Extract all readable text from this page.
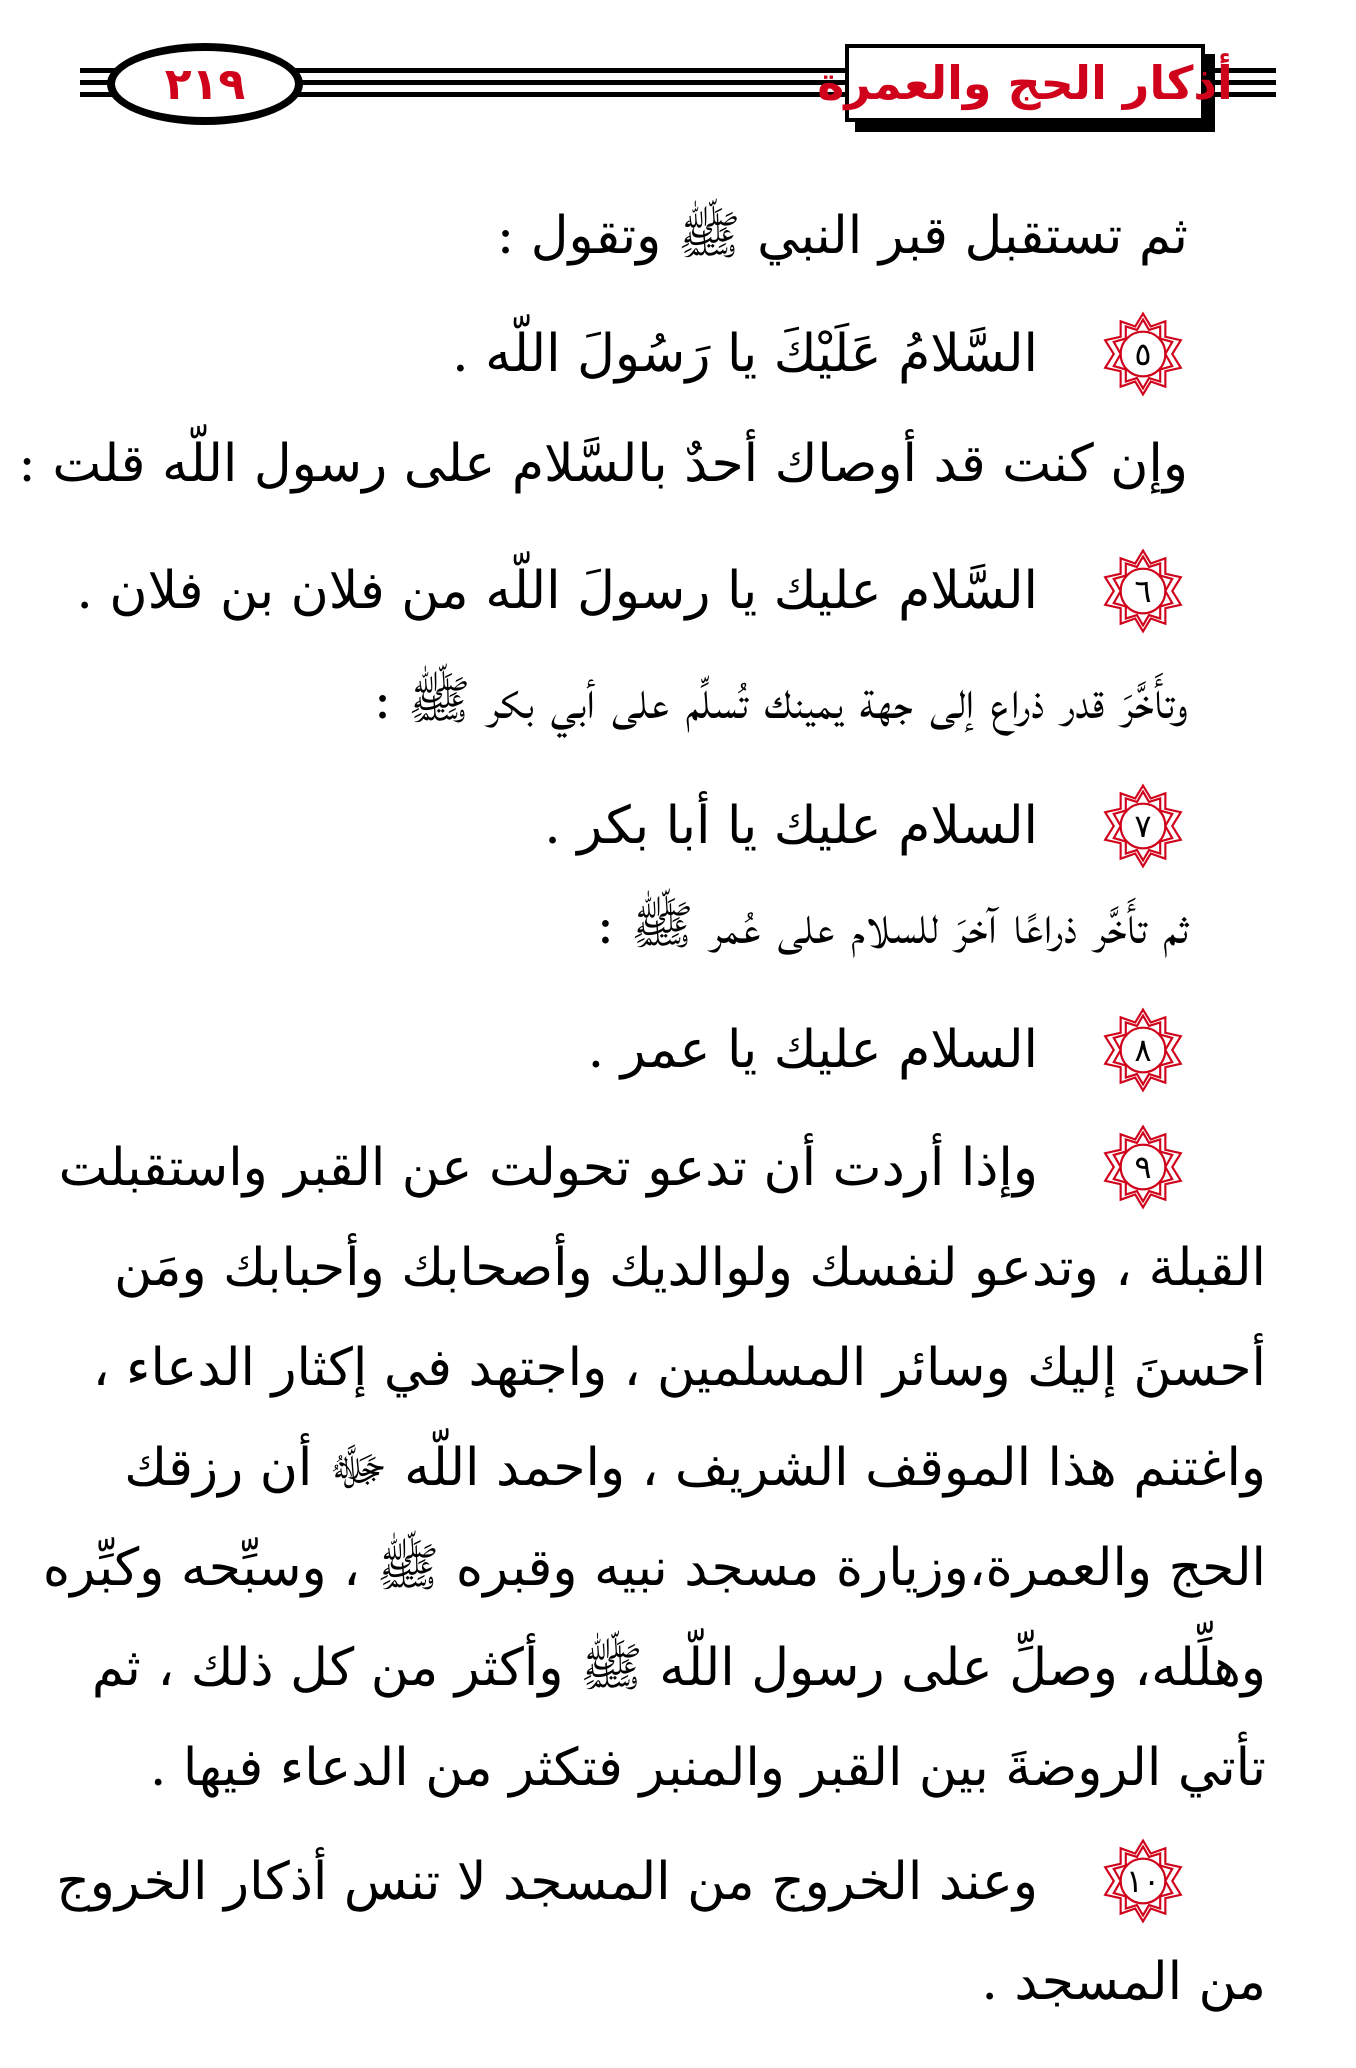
٢١٩	أذكار الحج والعمرة
ثم تستقبل قبر النبي ﷺ وتقول :
٥
السَّلامُ عَلَيْكَ يا رَسُولَ اللّه .
وإن كنت قد أوصاك أحدٌ بالسَّلام على رسول اللّه قلت :
٦
السَّلام عليك يا رسولَ اللّه من فلان بن فلان .
وتأَخَّرَ قدر ذراع إلى جهة يمينك تُسلِّم على أبي بكر ﷺ :
٧
السلام عليك يا أبا بكر .
ثم تأَخَّر ذراعًا آخرَ للسلام على عُمر ﷺ :
٨
السلام عليك يا عمر .
٩
وإذا أردت أن تدعو تحولت عن القبر واستقبلت
القبلة ، وتدعو لنفسك ولوالديك وأصحابك وأحبابك ومَن
أحسنَ إليك وسائر المسلمين ، واجتهد في إكثار الدعاء ،
واغتنم هذا الموقف الشريف ، واحمد اللّه ﷻ أن رزقك
الحج والعمرة،وزيارة مسجد نبيه وقبره ﷺ ، وسبِّحه وكبِّره
وهلِّله، وصلِّ على رسول اللّه ﷺ وأكثر من كل ذلك ، ثم
تأتي الروضةَ بين القبر والمنبر فتكثر من الدعاء فيها .
١٠
وعند الخروج من المسجد لا تنس أذكار الخروج
من المسجد .
